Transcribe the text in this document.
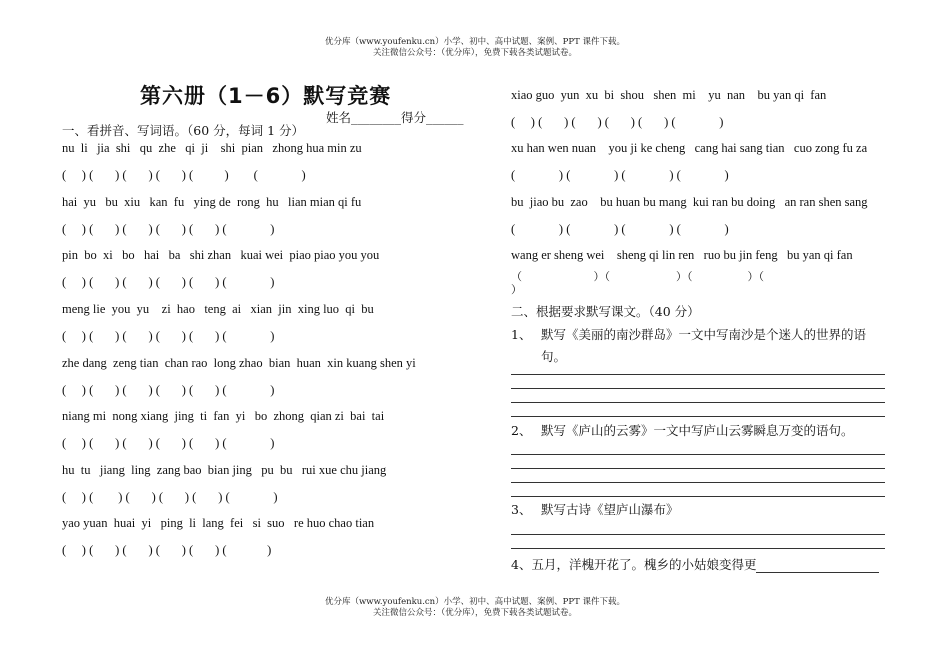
优分库（www.youfenku.cn）小学、初中、高中试题、案例、PPT 课件下载。
关注微信公众号：（优分库），免费下载各类试题试卷。
第六册（1－6）默写竞赛
姓名________得分______
一、看拼音、写词语。（60 分，每词 1 分）
nu  li   jia  shi   qu  zhe   qi  ji    shi  pian   zhong hua min zu
(     ) (       ) (       ) (       ) (          )        (              )
hai  yu   bu  xiu   kan  fu   ying de  rong  hu   lian mian qi fu
(     ) (       ) (       ) (       ) (       ) (              )
pin  bo  xi   bo   hai   ba   shi zhan   kuai wei  piao piao you you
(     ) (       ) (       ) (       ) (       ) (              )
meng lie  you  yu    zi  hao   teng  ai   xian  jin  xing luo  qi  bu
(     ) (       ) (       ) (       ) (       ) (              )
zhe dang  zeng tian  chan rao  long zhao  bian  huan  xin kuang shen yi
(     ) (       ) (       ) (       ) (       ) (              )
niang mi  nong xiang  jing  ti  fan  yi   bo  zhong  qian zi  bai  tai
(     ) (       ) (       ) (       ) (       ) (              )
hu  tu   jiang  ling  zang bao  bian jing   pu  bu   rui xue chu jiang
(     ) (        ) (       ) (       ) (       ) (              )
yao yuan  huai  yi   ping  li  lang  fei   si  suo   re huo chao tian
(     ) (       ) (       ) (       ) (       ) (             )
xiao guo  yun  xu  bi  shou   shen  mi    yu  nan    bu yan qi  fan
(     ) (       ) (       ) (       ) (       ) (              )
xu han wen nuan    you ji ke cheng   cang hai sang tian   cuo zong fu za
(              ) (              ) (              ) (              )
bu  jiao bu  zao    bu huan bu mang  kui ran bu doing   an ran shen sang
(              ) (              ) (              ) (              )
wang er sheng wei    sheng qi lin ren   ruo bu jin feng   bu yan qi fan
（                          ）（                        ）（                    ）（
）
二、根据要求默写课文。（40 分）
1、 默写《美丽的南沙群岛》一文中写南沙是个迷人的世界的语句。
2、 默写《庐山的云雾》一文中写庐山云雾瞬息万变的语句。
3、 默写古诗《望庐山瀑布》
4、五月，洋槐开花了。槐乡的小姑娘变得更
优分库（www.youfenku.cn）小学、初中、高中试题、案例、PPT 课件下载。
关注微信公众号：（优分库），免费下载各类试题试卷。
